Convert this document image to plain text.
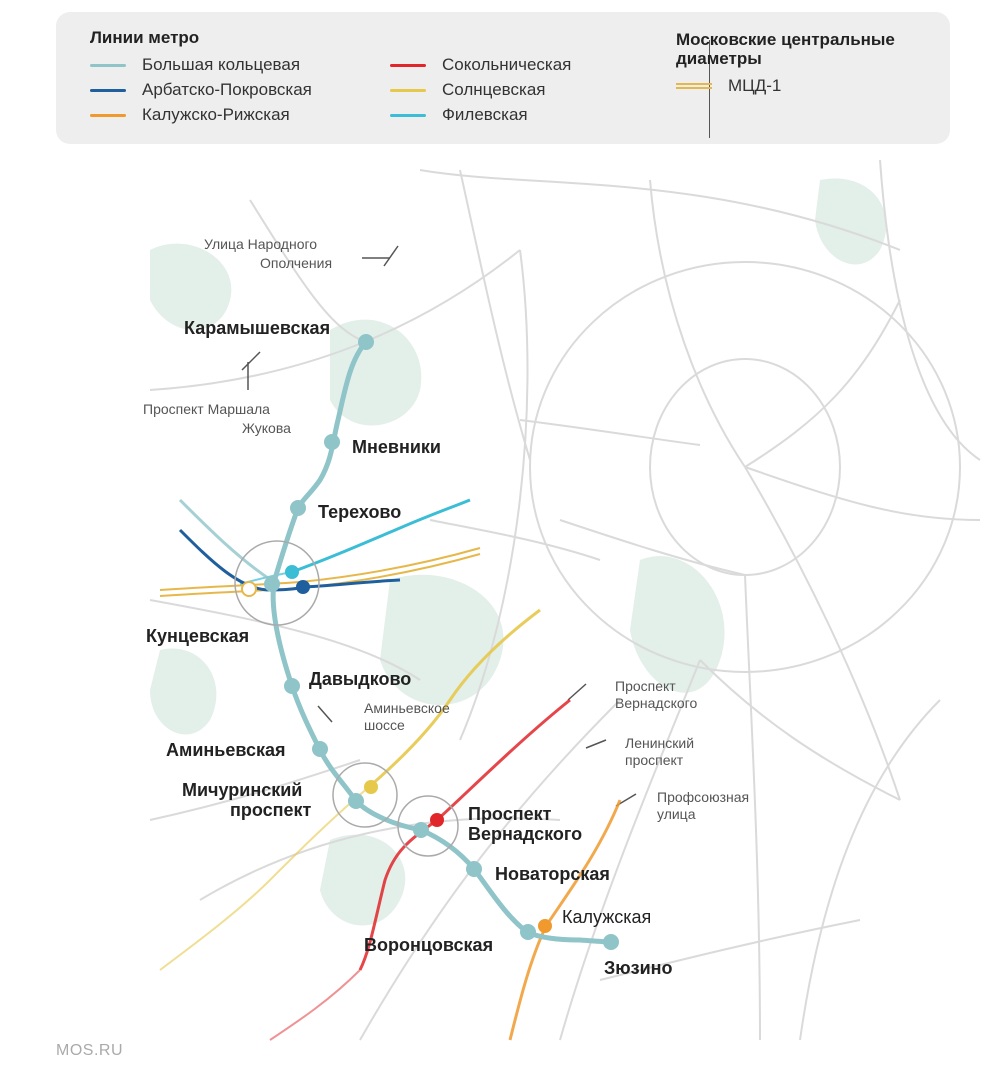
Линии метро
Большая кольцевая
Арбатско-Покровская
Калужско-Рижская
Сокольническая
Солнцевская
Филевская
Московские центральные
диаметры
МЦД-1
Карамышевская
Мневники
Терехово
Кунцевская
Давыдково
Аминьевская
Мичуринский
проспект	Проспект
Вернадского
Новаторская
Воронцовская
Калужская
Зюзино
Улица Народного
Ополчения
Проспект Маршала
Жукова
Аминьевское
шоссе
Проспект
Вернадского
Ленинский
проспект
Профсоюзная
улица
MOS.RU
